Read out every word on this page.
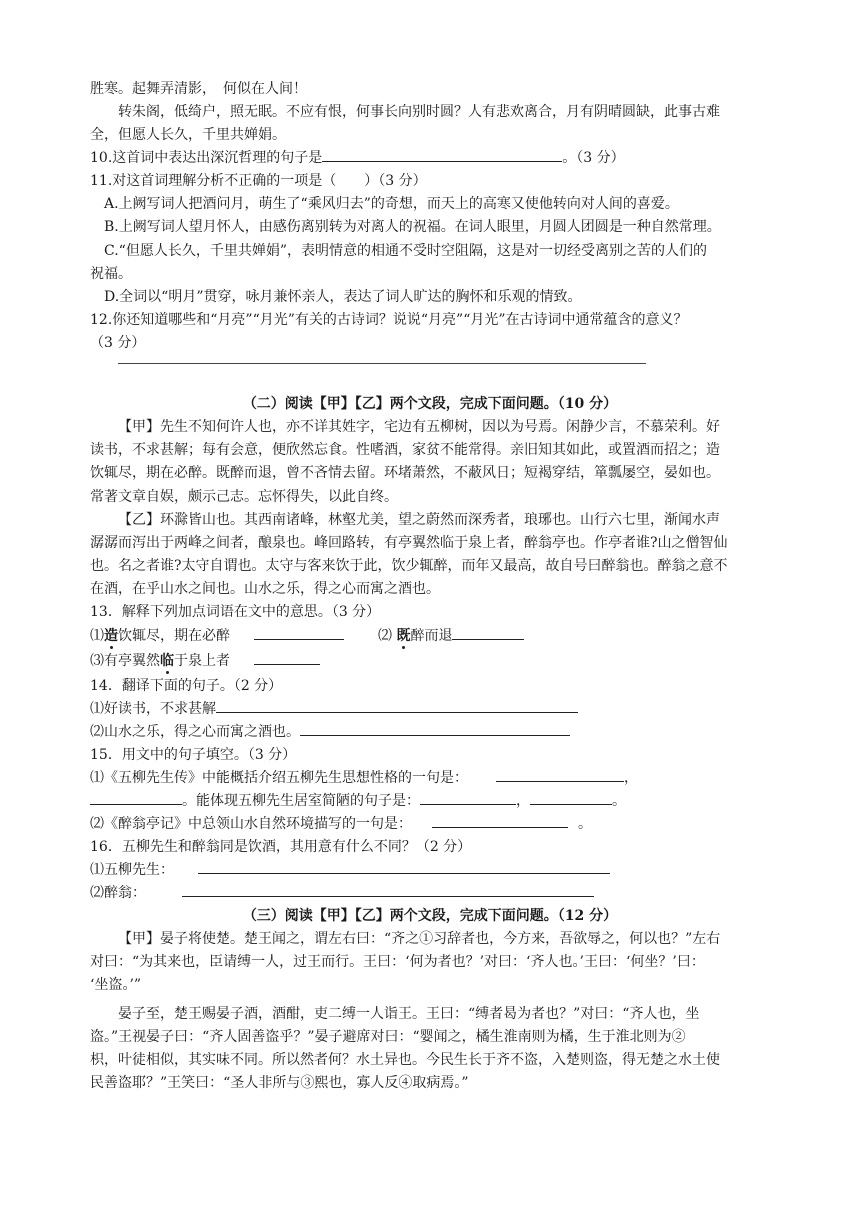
胜寒。起舞弄清影，　何似在人间！
转朱阁，低绮户，照无眠。不应有恨，何事长向别时圆？人有悲欢离合，月有阴晴圆缺，此事古难
全，但愿人长久，千里共婵娟。
10.这首词中表达出深沉哲理的句子是	。（3 分）
11.对这首词理解分析不正确的一项是（　　）（3 分）
A.上阙写词人把酒问月，萌生了“乘风归去”的奇想，而天上的高寒又使他转向对人间的喜爱。
B.上阙写词人望月怀人，由感伤离别转为对离人的祝福。在词人眼里，月圆人团圆是一种自然常理。
C.“但愿人长久，千里共婵娟”，表明情意的相通不受时空阻隔，这是对一切经受离别之苦的人们的
祝福。
D.全词以“明月”贯穿，咏月兼怀亲人，表达了词人旷达的胸怀和乐观的情致。
12.你还知道哪些和“月亮”“月光”有关的古诗词？说说“月亮”“月光”在古诗词中通常蕴含的意义？
（3 分）
（二）阅读【甲】【乙】两个文段，完成下面问题。（10 分）
【甲】先生不知何许人也，亦不详其姓字，宅边有五柳树，因以为号焉。闲静少言，不慕荣利。好
读书，不求甚解；每有会意，便欣然忘食。性嗜酒，家贫不能常得。亲旧知其如此，或置酒而招之；造
饮辄尽，期在必醉。既醉而退，曾不吝情去留。环堵萧然，不蔽风日；短褐穿结，箪瓢屡空，晏如也。
常著文章自娱，颇示己志。忘怀得失，以此自终。
【乙】环滁皆山也。其西南诸峰，林壑尤美，望之蔚然而深秀者，琅琊也。山行六七里，渐闻水声
潺潺而泻出于两峰之间者，酿泉也。峰回路转，有亭翼然临于泉上者，醉翁亭也。作亭者谁?山之僧智仙
也。名之者谁?太守自谓也。太守与客来饮于此，饮少辄醉，而年又最高，故自号曰醉翁也。醉翁之意不
在酒，在乎山水之间也。山水之乐，得之心而寓之酒也。
13．解释下列加点词语在文中的意思。（3 分）
⑴造饮辄尽，期在必醉	⑵ 既醉而退
⑶有亭翼然临于泉上者
14．翻译下面的句子。（2 分）
⑴好读书，不求甚解
⑵山水之乐，得之心而寓之酒也。
15．用文中的句子填空。（3 分）
⑴《五柳先生传》中能概括介绍五柳先生思想性格的一句是：	，
。能体现五柳先生居室简陋的句子是：	，	。
⑵《醉翁亭记》中总领山水自然环境描写的一句是：	。
16．五柳先生和醉翁同是饮酒，其用意有什么不同？（2 分）
⑴五柳先生：
⑵醉翁：
（三）阅读【甲】【乙】两个文段，完成下面问题。（12 分）
【甲】晏子将使楚。楚王闻之，谓左右曰：“齐之①习辞者也，今方来，吾欲辱之，何以也？”左右
对曰：“为其来也，臣请缚一人，过王而行。王曰：‘何为者也？’对曰：‘齐人也。’王曰：‘何坐？’曰：
‘坐盗。’”
晏子至，楚王赐晏子酒，酒酣，吏二缚一人诣王。王曰：“缚者曷为者也？”对曰：“齐人也，坐
盗。”王视晏子曰：“齐人固善盗乎？”晏子避席对曰：“婴闻之，橘生淮南则为橘，生于淮北则为②
枳，叶徒相似，其实味不同。所以然者何？水土异也。今民生长于齐不盗，入楚则盗，得无楚之水土使
民善盗耶？”王笑曰：“圣人非所与③熙也，寡人反④取病焉。”
